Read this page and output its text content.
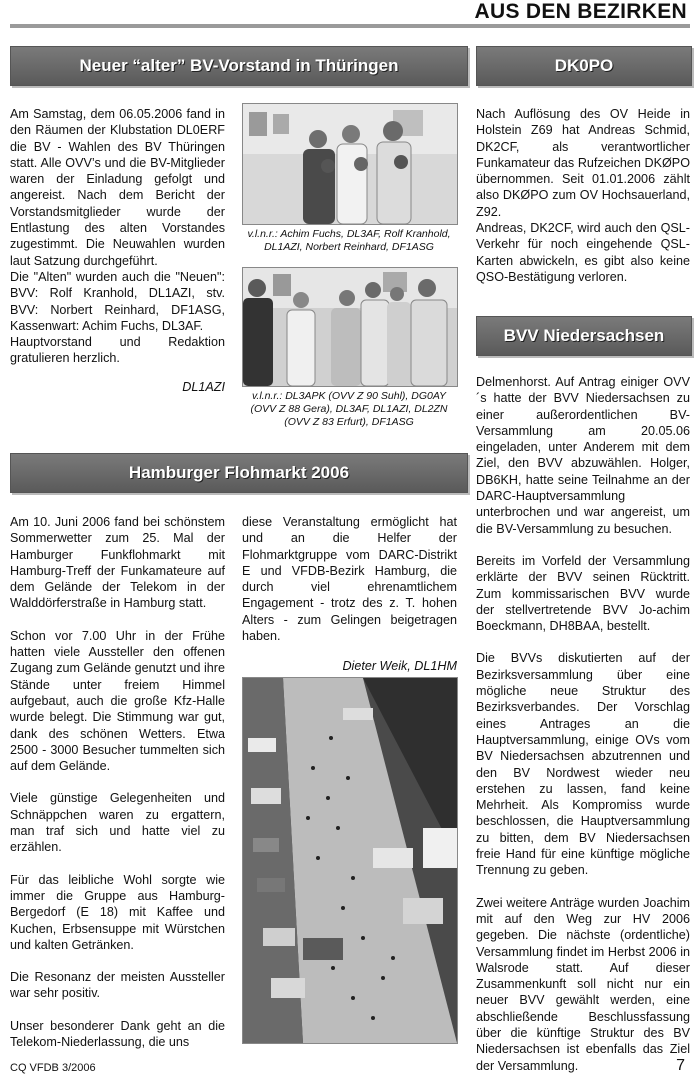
AUS DEN BEZIRKEN
Neuer “alter” BV-Vorstand in Thüringen

Am Samstag, dem 06.05.2006 fand in den Räumen der Klubstation DL0ERF die BV - Wahlen des BV Thüringen statt. Alle OVV’s und die BV-Mitglieder waren der Einladung gefolgt und angereist. Nach dem Bericht der Vorstandsmitglieder wurde der Entlastung des alten Vorstandes zugestimmt. Die Neuwahlen wurden laut Satzung durchgeführt.

Die "Alten" wurden auch die "Neuen": BVV: Rolf Kranhold, DL1AZI, stv. BVV: Norbert Reinhard, DF1ASG, Kassenwart: Achim Fuchs, DL3AF.

Hauptvorstand und Redaktion gratulieren herzlich.

DL1AZI
v.l.n.r.: Achim Fuchs, DL3AF, Rolf Kranhold, DL1AZI, Norbert Reinhard, DF1ASG
v.l.n.r.: DL3APK (OVV Z 90 Suhl), DG0AY (OVV Z 88 Gera), DL3AF, DL1AZI, DL2ZN (OVV Z 83 Erfurt), DF1ASG
Hamburger Flohmarkt 2006

Am 10. Juni 2006 fand bei schönstem Sommerwetter zum 25. Mal der Hamburger Funkflohmarkt mit Hamburg-Treff der Funkamateure auf dem Gelände der Telekom in der Walddörferstraße in Hamburg statt.

Schon vor 7.00 Uhr in der Frühe hatten viele Aussteller den offenen Zugang zum Gelände genutzt und ihre Stände unter freiem Himmel aufgebaut, auch die große Kfz-Halle wurde belegt. Die Stimmung war gut, dank des schönen Wetters. Etwa 2500 - 3000 Besucher tummelten sich auf dem Gelände.

Viele günstige Gelegenheiten und Schnäppchen waren zu ergattern, man traf sich und hatte viel zu erzählen.

Für das leibliche Wohl sorgte wie immer die Gruppe aus Hamburg-Bergedorf (E 18) mit Kaffee und Kuchen, Erbsensuppe mit Würstchen und kalten Getränken.

Die Resonanz der meisten Aussteller war sehr positiv.

Unser besonderer Dank geht an die Telekom-Niederlassung, die uns

diese Veranstaltung ermöglicht hat und an die Helfer der Flohmarktgruppe vom DARC-Distrikt E und VFDB-Bezirk Hamburg, die durch viel ehrenamtlichem Engagement - trotz des z. T. hohen Alters - zum Gelingen beigetragen haben.

Dieter Weik, DL1HM
DK0PO

Nach Auflösung des OV Heide in Holstein Z69 hat Andreas Schmid, DK2CF, als verantwortlicher Funkamateur das Rufzeichen DKØPO übernommen. Seit 01.01.2006 zählt also DKØPO zum OV Hochsauerland, Z92.

Andreas, DK2CF, wird auch den QSL-Verkehr für noch eingehende QSL-Karten abwickeln, es gibt also keine QSO-Bestätigung verloren.

BVV Niedersachsen

Delmenhorst. Auf Antrag einiger OVV´s hatte der BVV Niedersachsen zu einer außerordentlichen BV-Versammlung am 20.05.06 eingeladen, unter Anderem mit dem Ziel, den BVV abzuwählen. Holger, DB6KH, hatte seine Teilnahme an der DARC-Hauptversammlung unterbrochen und war angereist, um die BV-Versammlung zu besuchen.

Bereits im Vorfeld der Versammlung erklärte der BVV seinen Rücktritt. Zum kommissarischen BVV wurde der stellvertretende BVV Jo-achim Boeckmann, DH8BAA, bestellt.

Die BVVs diskutierten auf der Bezirksversammlung über eine mögliche neue Struktur des Bezirksverbandes. Der Vorschlag eines Antrages an die Hauptversammlung, einige OVs vom BV Niedersachsen abzutrennen und den BV Nordwest wieder neu erstehen zu lassen, fand keine Mehrheit. Als Kompromiss wurde beschlossen, die Hauptversammlung zu bitten, dem BV Niedersachsen freie Hand für eine künftige mögliche Trennung zu geben.

Zwei weitere Anträge wurden Joachim mit auf den Weg zur HV 2006 gegeben. Die nächste (ordentliche) Versammlung findet im Herbst 2006 in Walsrode statt. Auf dieser Zusammenkunft soll nicht nur ein neuer BVV gewählt werden, eine abschließende Beschlussfassung über die künftige Struktur des BV Niedersachsen ist ebenfalls das Ziel der Versammlung.

CQ VFDB 3/2006	7
